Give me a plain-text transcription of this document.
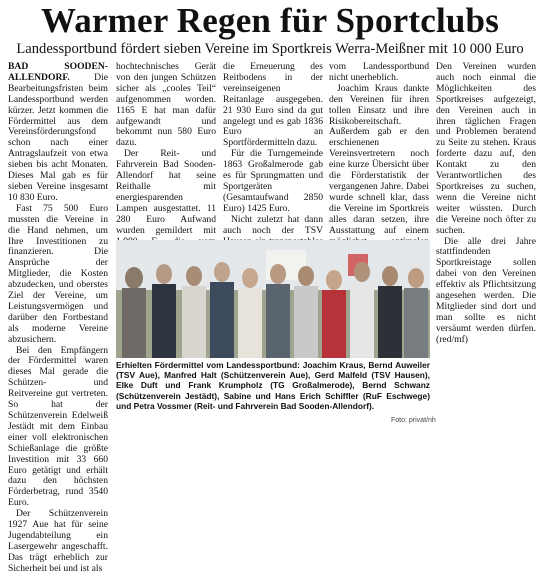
Warmer Regen für Sportclubs
Landessportbund fördert sieben Vereine im Sportkreis Werra-Meißner mit 10 000 Euro

BAD SOODEN-ALLENDORF.	Die Bearbeitungsfristen beim Landessportbund werden kürzer. Jetzt kommen die Fördermittel aus dem Vereinsförderungsfond schon nach einer Antragslaufzeit von etwa sieben bis acht Monaten. Dieses Mal gab es für sieben Vereine insgesamt 10 830 Euro.

Fast 75 500 Euro mussten die Vereine in die Hand nehmen, um Ihre Investitionen zu finanzieren. Die Ansprüche der Mitglieder, die Kosten abzudecken, und oberstes Ziel der Vereine, um Leistungsvermögen und darüber den Fortbestand als moderne Vereine abzusichern.

Bei den Empfängern der Fördermittel waren dieses Mal gerade die Schützen- und Reitvereine gut vertreten. So hat der Schützenverein Edelweiß Jestädt mit dem Einbau einer voll elektronischen Schießanlage die größte Investition mit 33 660 Euro getätigt und erhält dazu den höchsten Förderbetrag, rund 3540 Euro.

Der Schützenverein 1927 Aue hat für seine Jugendabteilung ein Lasergewehr angeschafft. Das trägt erheblich zur Sicherheit bei und ist als

hochtechnisches Gerät von den jungen Schützen sicher als „cooles Teil“ aufgenommen worden. 1165 E hat man dafür aufgewandt und bekommt nun 580 Euro dazu.

Der Reit- und Fahrverein Bad Sooden-Allendorf hat seine Reithalle mit energiesparenden Lampen ausgestattet. 11 280 Euro Aufwand wurden gemildert mit

die Erneuerung des Reitbodens in der vereinseigenen Reitanlage ausgegeben. 21 930 Euro sind da gut angelegt und es gab 1836 Euro an Sportfördermitteln dazu.

Für die Turngemeinde 1863 Großalmerode gab es für Sprungmatten und Sportgeräten (Gesamtaufwand 2850 Euro) 1425 Euro.

Nicht zuletzt hat dann auch noch der TSV

vom Landessportbund nicht unerheblich.

Joachim Kraus dankte den Vereinen für ihren tollen Einsatz und ihre Risikobereitschaft. Außerdem gab er den erschienenen Vereinsvertretern noch eine kurze Übersicht über die Förderstatistik der vergangenen Jahre. Dabei wurde schnell klar, dass die Vereine im Sportkreis alles daran setzen, ihre Ausstattung auf einem

Den Vereinen wurden auch noch einmal die Möglichkeiten des Sportkreises aufgezeigt, den Vereinen auch in ihren täglichen Fragen und Problemen beratend zu Seite zu stehen. Kraus forderte dazu auf, den Kontakt zu den Verantwortlichen des Sportkreises zu suchen, wenn die Vereine nicht weiter wüssten. Durch die Vereine noch öfter zu suchen.

Die alle drei Jahre stattfindenden Sportkreistage sollen dabei von den Vereinen effektiv als Pflichtsitzung angesehen werden. Die Mitglieder sind dort und man sollte es nicht versäumt werden dürfen. (red/mf)

Foto: privat/nh
Erhielten Fördermittel vom Landessportbund: Joachim Kraus, Bernd Auweiler (TSV Aue), Manfred Halt (Schützenverein Aue), Gerd Malfeld (TSV Hausen), Elke Duft und Frank Krumpholz (TG Großalmerode), Bernd Schwanz (Schützenverein Jestädt), Sabine und Hans Erich Schiffler (RuF Eschwege) und Petra Vossmer (Reit- und Fahrverein Bad Sooden-Allendorf).
